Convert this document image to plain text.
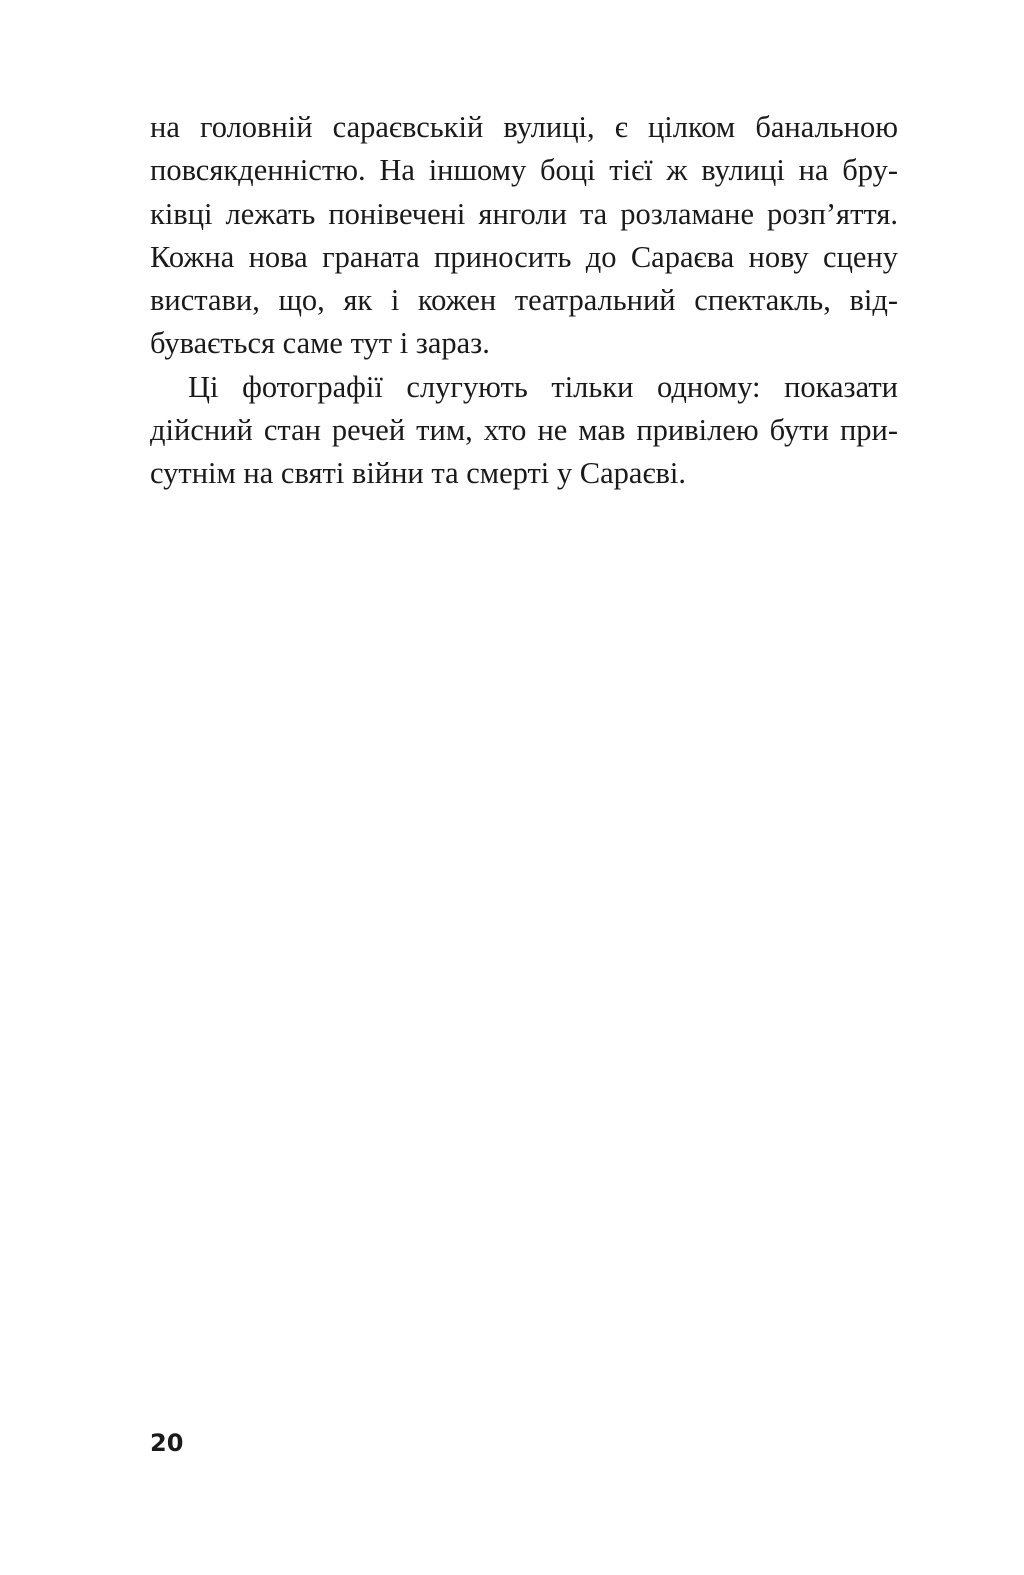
на головній сараєвській вулиці, є цілком банальною
повсякденністю. На іншому боці тієї ж вулиці на бру-
ківці лежать понівечені янголи та розламане розп’яття.
Кожна нова граната приносить до Сараєва нову сцену
вистави, що, як і кожен театральний спектакль, від-
бувається саме тут і зараз.
Ці фотографії слугують тільки одному: показати
дійсний стан речей тим, хто не мав привілею бути при-
сутнім на святі війни та смерті у Сараєві.
20
